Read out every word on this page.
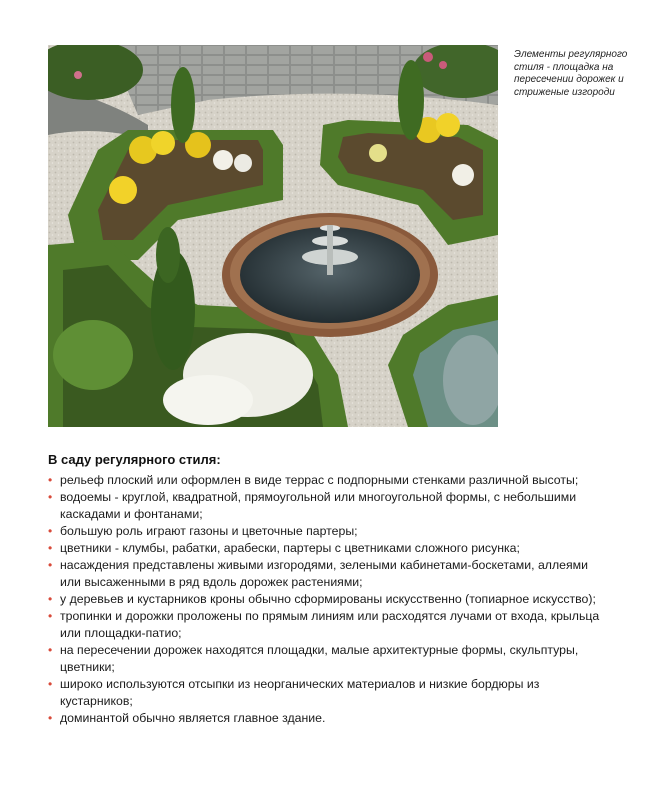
Элементы регулярного стиля - площадка на пересечении дорожек и стриженые изгороди
В саду регулярного стиля:
• рельеф плоский или оформлен в виде террас с подпорными стенками различной высоты;
• водоемы - круглой, квадратной, прямоугольной или многоугольной формы, с небольшими каскадами и фонтанами;
• большую роль играют газоны и цветочные партеры;
• цветники - клумбы, рабатки, арабески, партеры с цветниками сложного рисунка;
• насаждения представлены живыми изгородями, зелеными кабинетами-боскетами, аллеями или высаженными в ряд вдоль дорожек растениями;
• у деревьев и кустарников кроны обычно сформированы искусственно (топиарное искусство);
• тропинки и дорожки проложены по прямым линиям или расходятся лучами от входа, крыльца или площадки-патио;
• на пересечении дорожек находятся площадки, малые архитектурные формы, скульптуры, цветники;
• широко используются отсыпки из неорганических материалов и низкие бордюры из кустарников;
• доминантой обычно является главное здание.
